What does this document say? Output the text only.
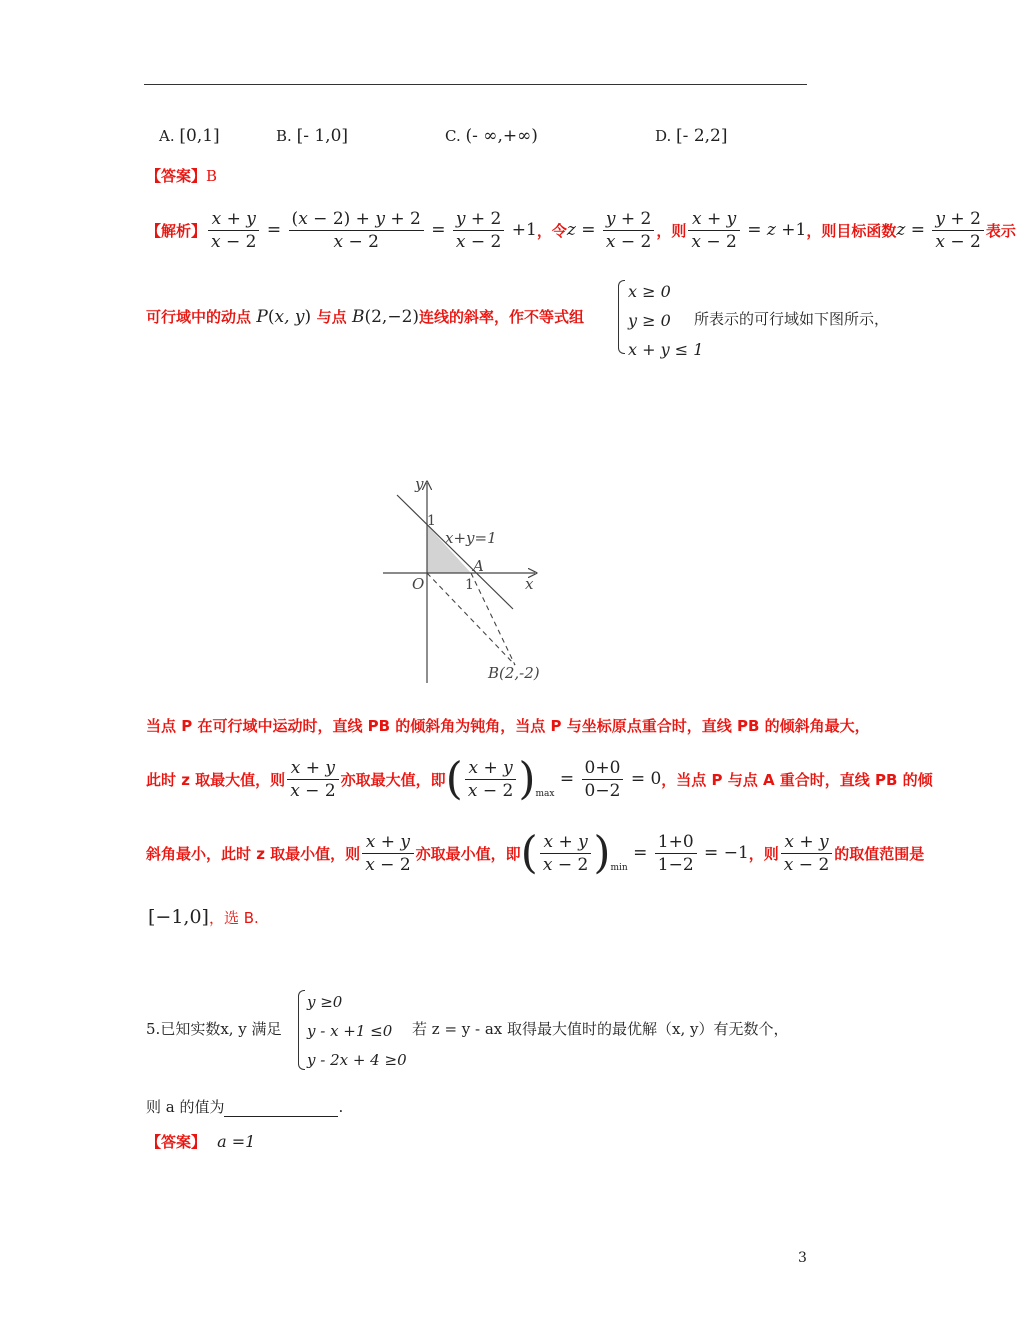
A. [0,1]	B. [- 1,0]	C. (- ∞,+∞)	D. [- 2,2]
【答案】B
【解析】 $\frac{x + y}{x - 2} = \frac{(x - 2) + y + 2}{x - 2} = \frac{y + 2}{x - 2} +1$ ，令 $z = \frac{y + 2}{x - 2}$ ，则 $\frac{x + y}{x - 2} = z +1$ ，则目标函数 $z = \frac{y + 2}{x - 2}$ 表示
可行域中的动点 P(x, y) 与点 B(2,−2) 连线的斜率，作不等式组
x ≥ 0
y ≥ 0
x + y ≤ 1
所表示的可行域如下图所示，
y
x
1
1
O
x+y=1
A
B(2,-2)
当点 P 在可行域中运动时，直线 PB 的倾斜角为钝角，当点 P 与坐标原点重合时，直线 PB 的倾斜角最大，
此时 z 取最大值，则 $\frac{x + y}{x - 2}$ 亦取最大值，即 ( $\frac{x + y}{x - 2} )_{max} = \frac{0+0}{0-2} = 0$ ，当点 P 与点 A 重合时，直线 PB 的倾
斜角最小，此时 z 取最小值，则 $\frac{x + y}{x - 2}$ 亦取最小值，即 ( $\frac{x + y}{x - 2} )_{min} = \frac{1+0}{1-2} = -1$ ，则 $\frac{x + y}{x - 2}$ 的取值范围是
[−1,0] ，选 B.
5.已知实数x, y 满足
y ≥0
y - x +1 ≤0
y - 2x + 4 ≥0
若 z = y - ax 取得最大值时的最优解（x, y）有无数个，
则 a 的值为	.
【答案】 a =1
3
